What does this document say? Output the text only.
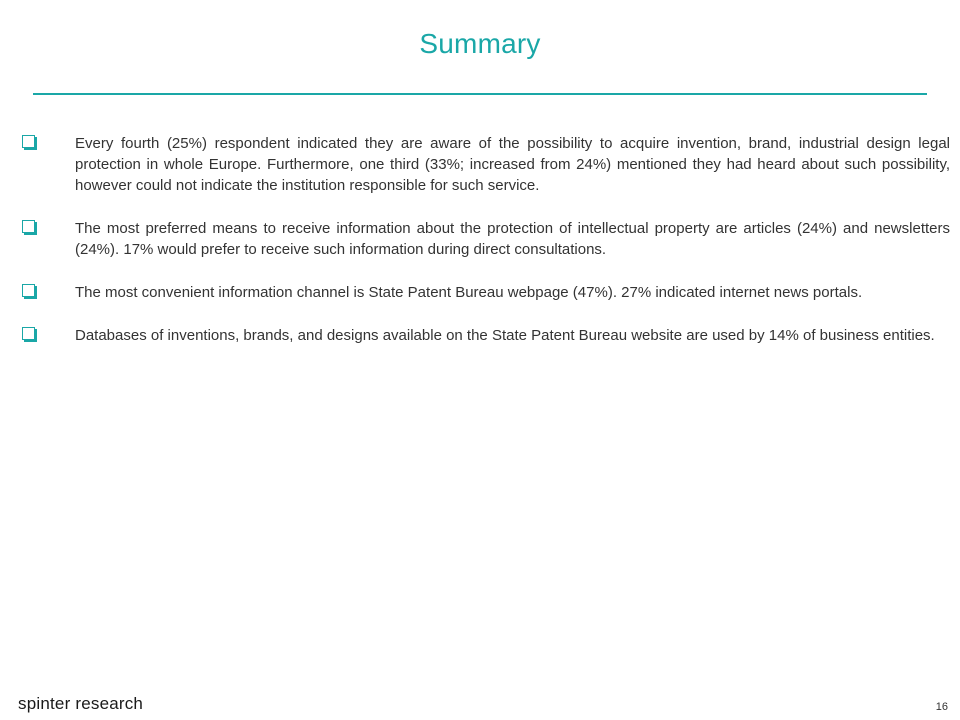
Summary
Every fourth (25%) respondent indicated they are aware of the possibility to acquire invention, brand, industrial design legal protection in whole Europe. Furthermore, one third (33%; increased from 24%) mentioned they had heard about such possibility, however could not indicate the institution responsible for such service.
The most preferred means to receive information about the protection of intellectual property are articles (24%) and newsletters (24%). 17% would prefer to receive such information during direct consultations.
The most convenient information channel is State Patent Bureau webpage (47%). 27% indicated internet news portals.
Databases of inventions, brands, and designs available on the State Patent Bureau website are used by 14% of business entities.
spinter research	16
